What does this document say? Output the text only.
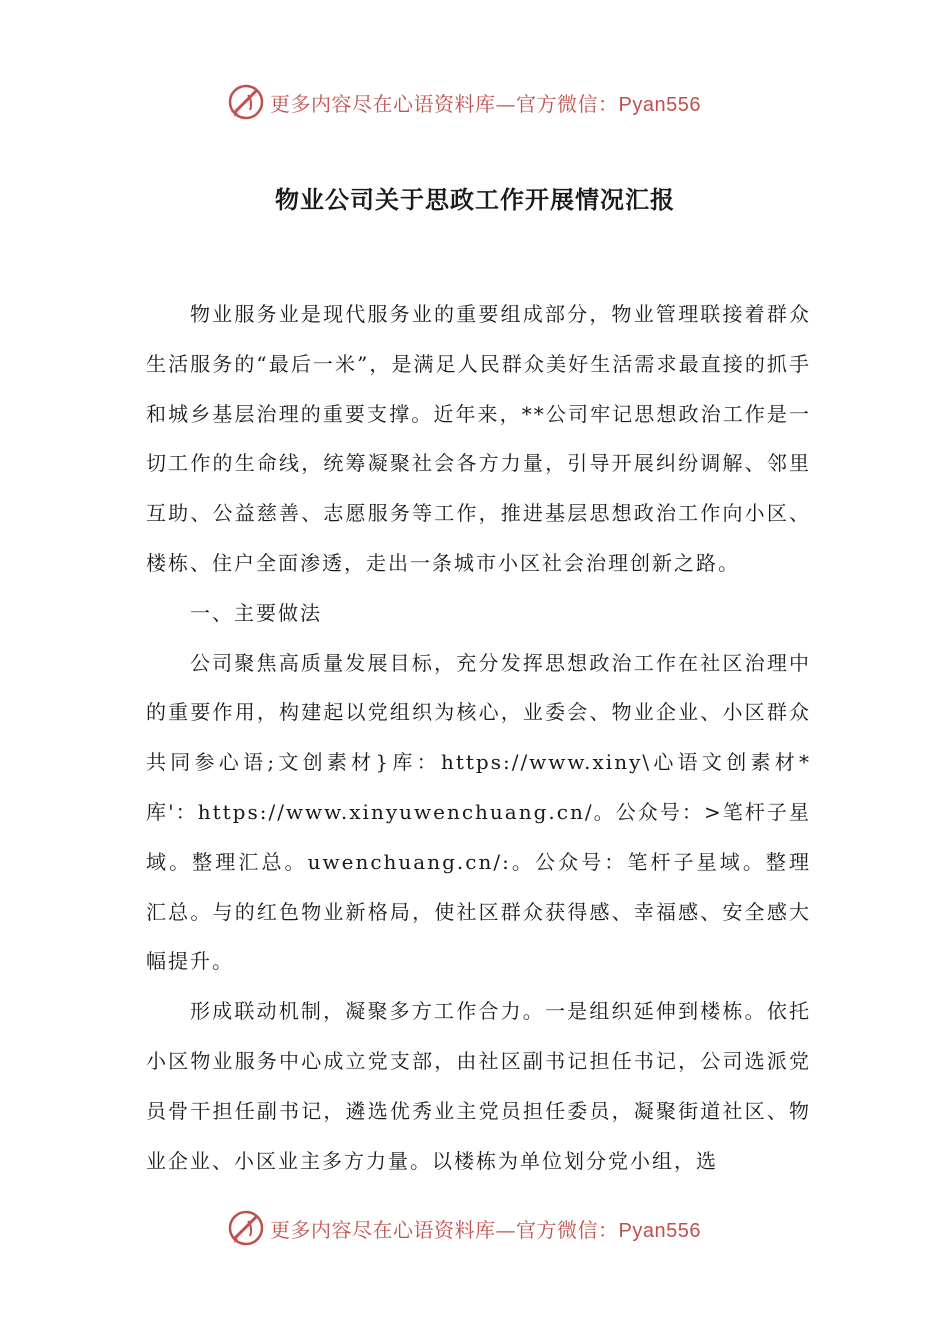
更多内容尽在心语资料库—官方微信：Pyan556
物业公司关于思政工作开展情况汇报

物业服务业是现代服务业的重要组成部分，物业管理联接着群众生活服务的“最后一米”，是满足人民群众美好生活需求最直接的抓手和城乡基层治理的重要支撑。近年来，**公司牢记思想政治工作是一切工作的生命线，统筹凝聚社会各方力量，引导开展纠纷调解、邻里互助、公益慈善、志愿服务等工作，推进基层思想政治工作向小区、楼栋、住户全面渗透，走出一条城市小区社会治理创新之路。

一、主要做法

公司聚焦高质量发展目标，充分发挥思想政治工作在社区治理中的重要作用，构建起以党组织为核心，业委会、物业企业、小区群众共同参心语;文创素材}库：https://www.xiny\心语文创素材*库'：https://www.xinyuwenchuang.cn/。公众号：>笔杆子星域。整理汇总。uwenchuang.cn/:。公众号：笔杆子星域。整理汇总。与的红色物业新格局，使社区群众获得感、幸福感、安全感大幅提升。

形成联动机制，凝聚多方工作合力。一是组织延伸到楼栋。依托小区物业服务中心成立党支部，由社区副书记担任书记，公司选派党员骨干担任副书记，遴选优秀业主党员担任委员，凝聚街道社区、物业企业、小区业主多方力量。以楼栋为单位划分党小组，选

更多内容尽在心语资料库—官方微信：Pyan556
